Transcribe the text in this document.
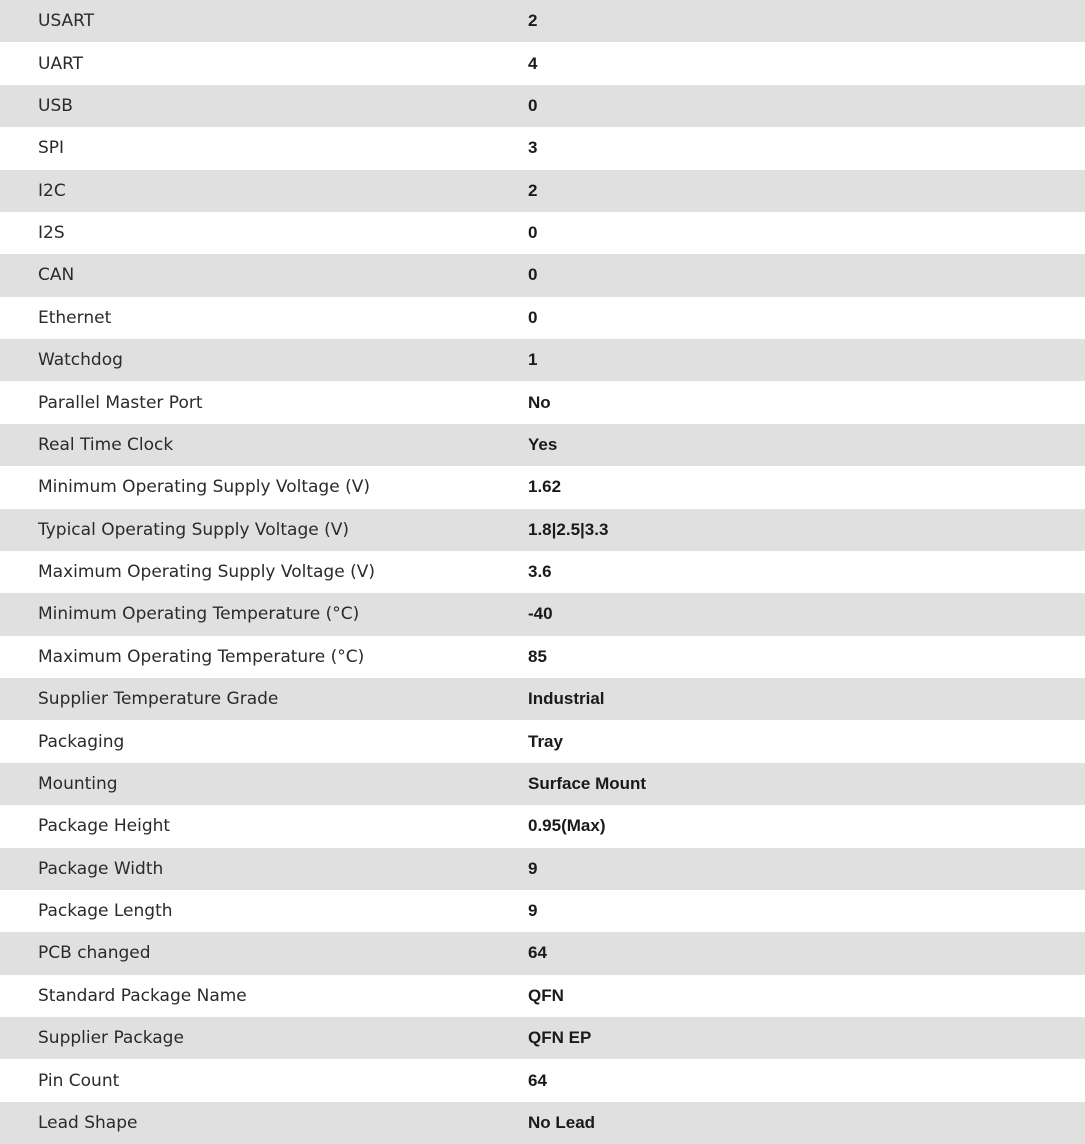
USART	2
UART	4
USB	0
SPI	3
I2C	2
I2S	0
CAN	0
Ethernet	0
Watchdog	1
Parallel Master Port	No
Real Time Clock	Yes
Minimum Operating Supply Voltage (V)	1.62
Typical Operating Supply Voltage (V)	1.8|2.5|3.3
Maximum Operating Supply Voltage (V)	3.6
Minimum Operating Temperature (°C)	-40
Maximum Operating Temperature (°C)	85
Supplier Temperature Grade	Industrial
Packaging	Tray
Mounting	Surface Mount
Package Height	0.95(Max)
Package Width	9
Package Length	9
PCB changed	64
Standard Package Name	QFN
Supplier Package	QFN EP
Pin Count	64
Lead Shape	No Lead
